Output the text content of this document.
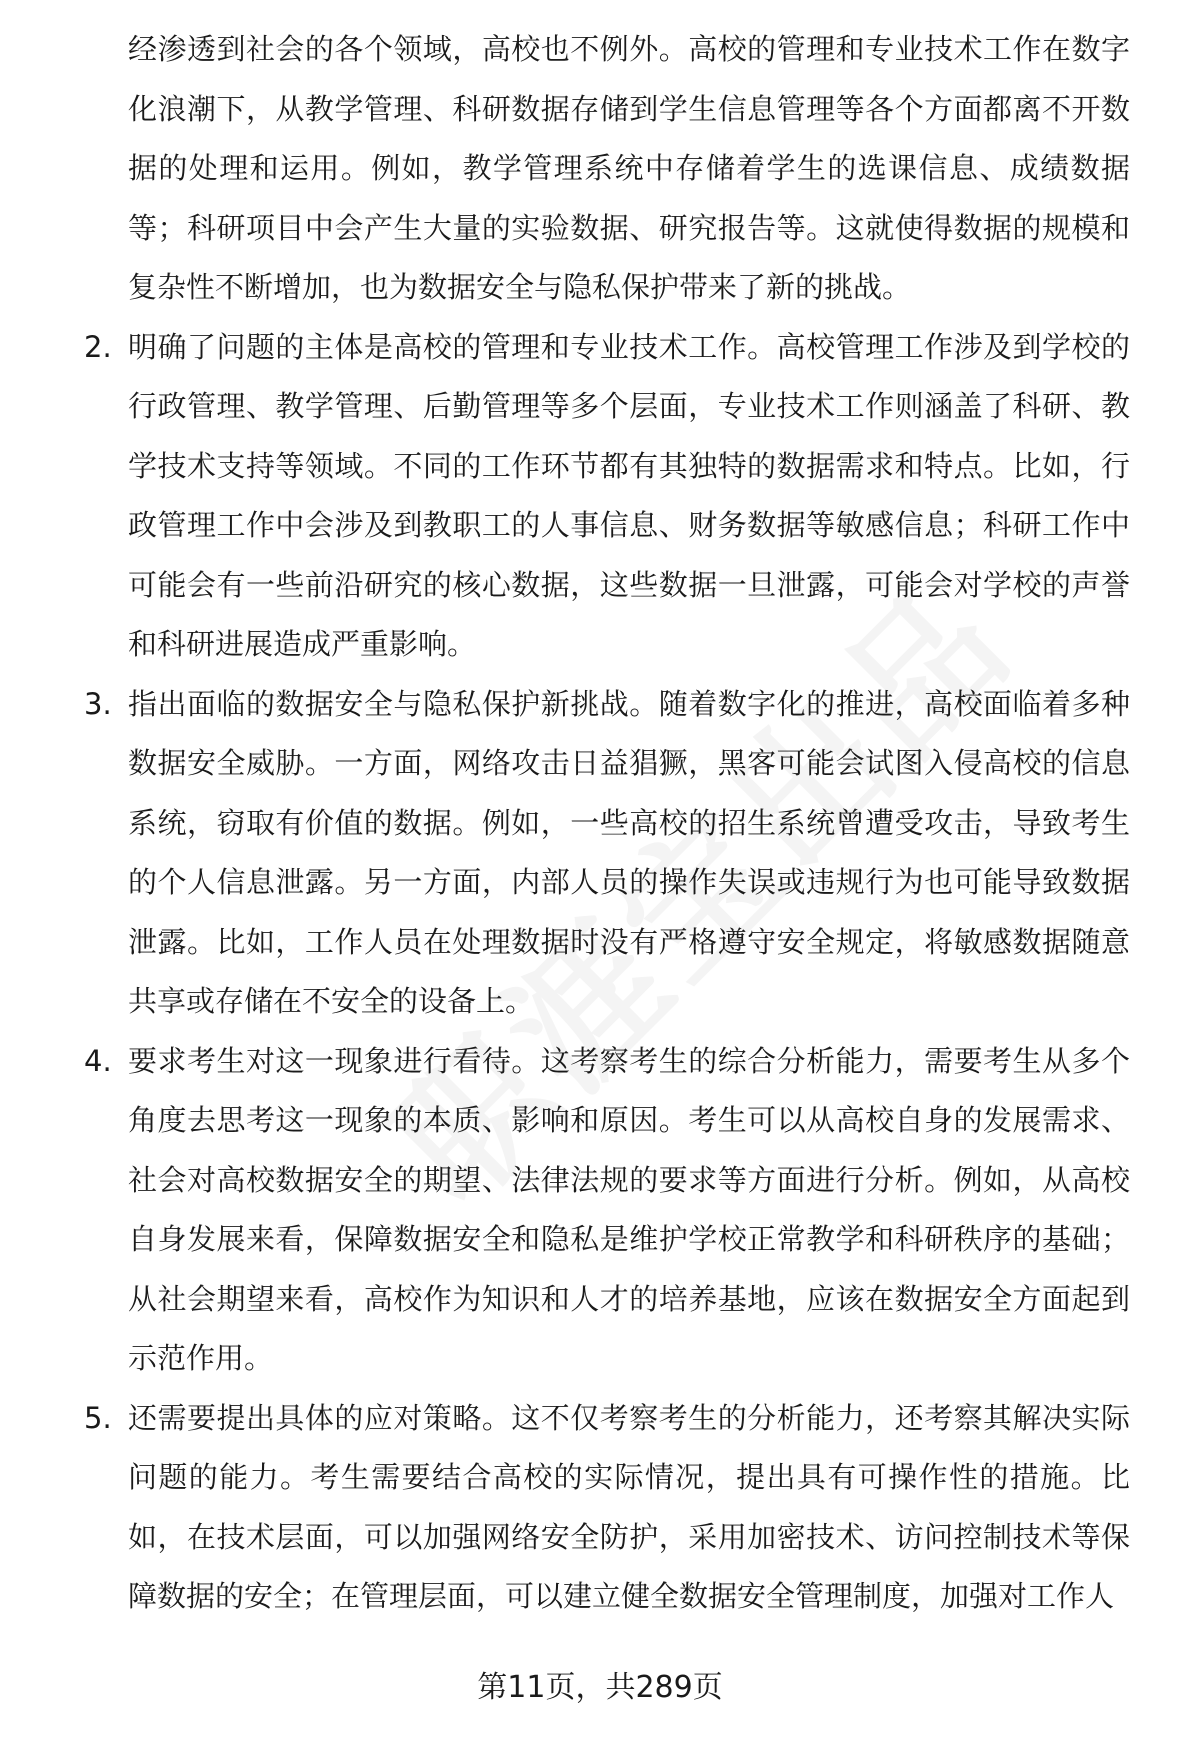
经渗透到社会的各个领域，高校也不例外。高校的管理和专业技术工作在数字化浪潮下，从教学管理、科研数据存储到学生信息管理等各个方面都离不开数据的处理和运用。例如，教学管理系统中存储着学生的选课信息、成绩数据等；科研项目中会产生大量的实验数据、研究报告等。这就使得数据的规模和复杂性不断增加，也为数据安全与隐私保护带来了新的挑战。
2. 明确了问题的主体是高校的管理和专业技术工作。高校管理工作涉及到学校的行政管理、教学管理、后勤管理等多个层面，专业技术工作则涵盖了科研、教学技术支持等领域。不同的工作环节都有其独特的数据需求和特点。比如，行政管理工作中会涉及到教职工的人事信息、财务数据等敏感信息；科研工作中可能会有一些前沿研究的核心数据，这些数据一旦泄露，可能会对学校的声誉和科研进展造成严重影响。
3. 指出面临的数据安全与隐私保护新挑战。随着数字化的推进，高校面临着多种数据安全威胁。一方面，网络攻击日益猖獗，黑客可能会试图入侵高校的信息系统，窃取有价值的数据。例如，一些高校的招生系统曾遭受攻击，导致考生的个人信息泄露。另一方面，内部人员的操作失误或违规行为也可能导致数据泄露。比如，工作人员在处理数据时没有严格遵守安全规定，将敏感数据随意共享或存储在不安全的设备上。
4. 要求考生对这一现象进行看待。这考察考生的综合分析能力，需要考生从多个角度去思考这一现象的本质、影响和原因。考生可以从高校自身的发展需求、社会对高校数据安全的期望、法律法规的要求等方面进行分析。例如，从高校自身发展来看，保障数据安全和隐私是维护学校正常教学和科研秩序的基础；从社会期望来看，高校作为知识和人才的培养基地，应该在数据安全方面起到示范作用。
5. 还需要提出具体的应对策略。这不仅考察考生的分析能力，还考察其解决实际问题的能力。考生需要结合高校的实际情况，提出具有可操作性的措施。比如，在技术层面，可以加强网络安全防护，采用加密技术、访问控制技术等保障数据的安全；在管理层面，可以建立健全数据安全管理制度，加强对工作人
第11页，共289页
